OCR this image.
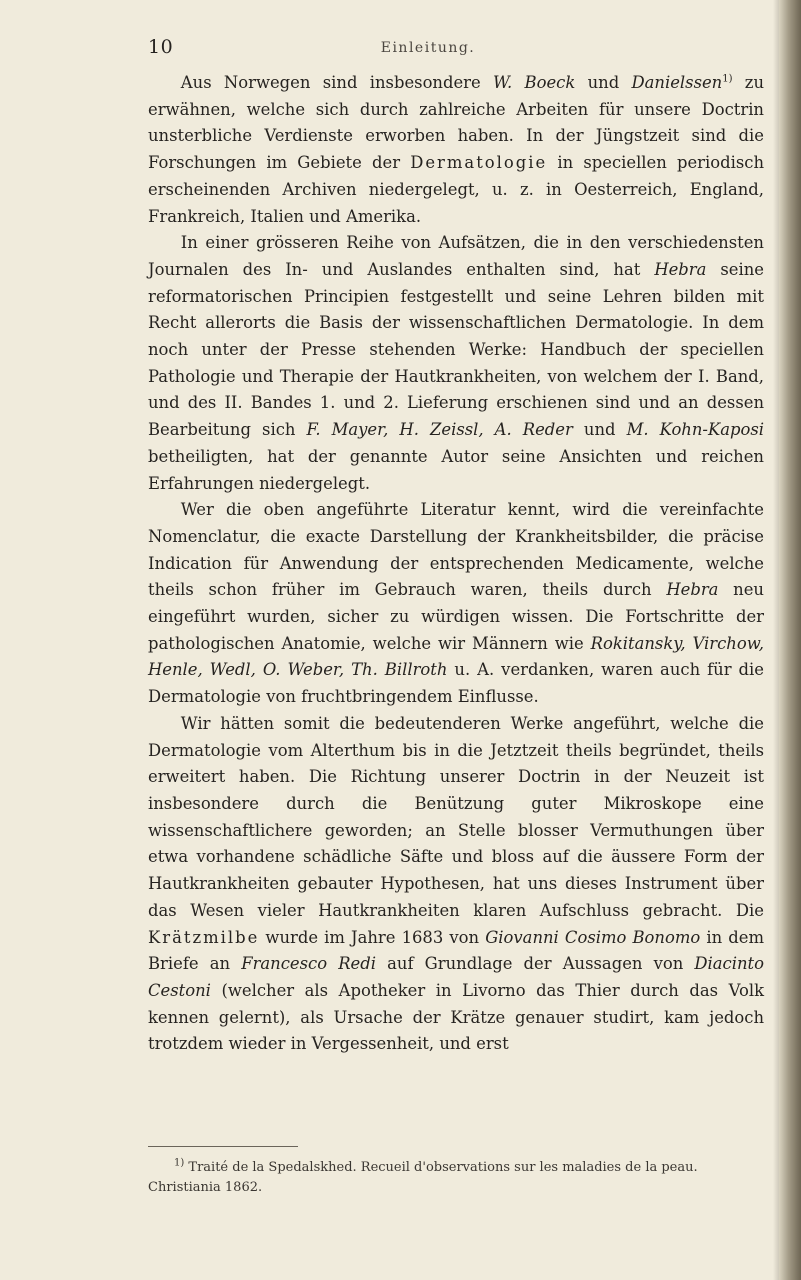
10	Einleitung.

Aus Norwegen sind insbesondere W. Boeck und Danielssen$^{1)}$ zu erwähnen, welche sich durch zahlreiche Arbeiten für unsere Doctrin unsterbliche Verdienste erworben haben. In der Jüngstzeit sind die Forschungen im Gebiete der Dermatologie in speciellen periodisch erscheinenden Archiven niedergelegt, u. z. in Oesterreich, England, Frankreich, Italien und Amerika.

In einer grösseren Reihe von Aufsätzen, die in den verschiedensten Journalen des In- und Auslandes enthalten sind, hat Hebra seine reformatorischen Principien festgestellt und seine Lehren bilden mit Recht allerorts die Basis der wissenschaftlichen Dermatologie. In dem noch unter der Presse stehenden Werke: Handbuch der speciellen Pathologie und Therapie der Hautkrankheiten, von welchem der I. Band, und des II. Bandes 1. und 2. Lieferung erschienen sind und an dessen Bearbeitung sich F. Mayer, H. Zeissl, A. Reder und M. Kohn-Kaposi betheiligten, hat der genannte Autor seine Ansichten und reichen Erfahrungen niedergelegt.

Wer die oben angeführte Literatur kennt, wird die vereinfachte Nomenclatur, die exacte Darstellung der Krankheitsbilder, die präcise Indication für Anwendung der entsprechenden Medicamente, welche theils schon früher im Gebrauch waren, theils durch Hebra neu eingeführt wurden, sicher zu würdigen wissen. Die Fortschritte der pathologischen Anatomie, welche wir Männern wie Rokitansky, Virchow, Henle, Wedl, O. Weber, Th. Billroth u. A. verdanken, waren auch für die Dermatologie von fruchtbringendem Einflusse.

Wir hätten somit die bedeutenderen Werke angeführt, welche die Dermatologie vom Alterthum bis in die Jetztzeit theils begründet, theils erweitert haben. Die Richtung unserer Doctrin in der Neuzeit ist insbesondere durch die Benützung guter Mikroskope eine wissenschaftlichere geworden; an Stelle blosser Vermuthungen über etwa vorhandene schädliche Säfte und bloss auf die äussere Form der Hautkrankheiten gebauter Hypothesen, hat uns dieses Instrument über das Wesen vieler Hautkrankheiten klaren Aufschluss gebracht. Die Krätzmilbe wurde im Jahre 1683 von Giovanni Cosimo Bonomo in dem Briefe an Francesco Redi auf Grundlage der Aussagen von Diacinto Cestoni (welcher als Apotheker in Livorno das Thier durch das Volk kennen gelernt), als Ursache der Krätze genauer studirt, kam jedoch trotzdem wieder in Vergessenheit, und erst

$^{1)}$ Traité de la Spedalskhed. Recueil d'observations sur les maladies de la peau. Christiania 1862.
